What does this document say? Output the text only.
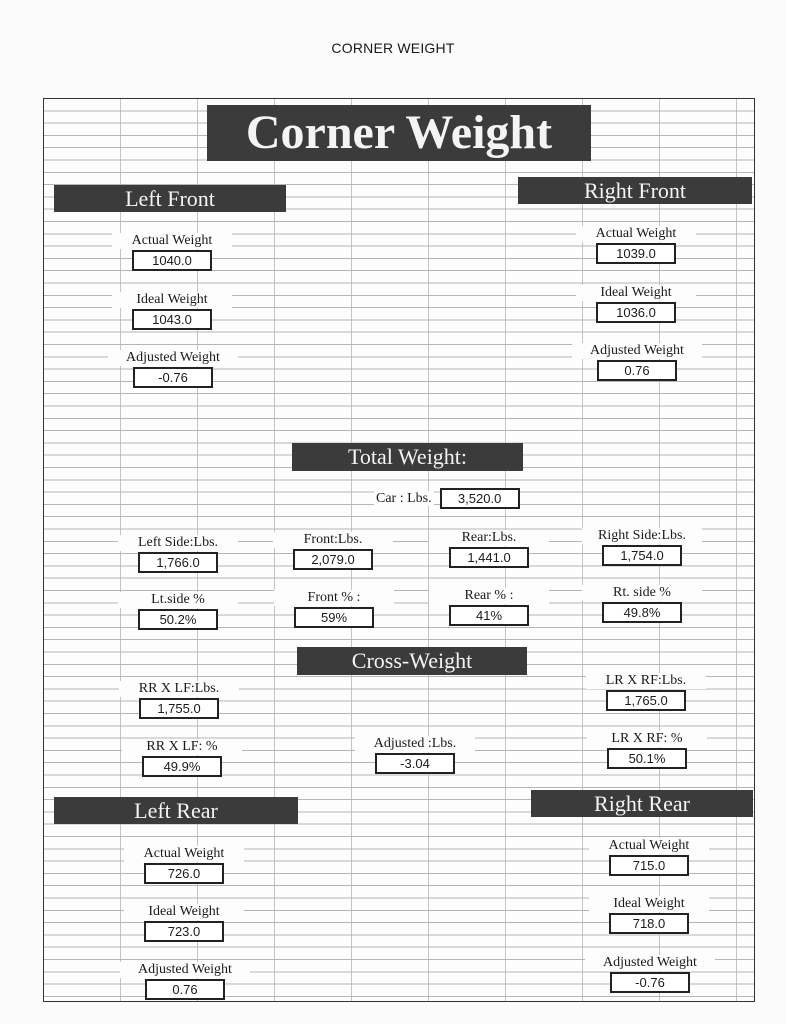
CORNER WEIGHT
Corner Weight
Left Front
Actual Weight
1040.0
Ideal Weight
1043.0
Adjusted Weight
-0.76
Right Front
Actual Weight
1039.0
Ideal Weight
1036.0
Adjusted Weight
0.76
Total Weight:
Car : Lbs. 3,520.0
Left Side:Lbs.
1,766.0
Front:Lbs.
2,079.0
Rear:Lbs.
1,441.0
Right Side:Lbs.
1,754.0
Lt.side %
50.2%
Front % :
59%
Rear % :
41%
Rt. side %
49.8%
Cross-Weight
RR X LF:Lbs.
1,755.0
LR X RF:Lbs.
1,765.0
RR X LF: %
49.9%
Adjusted :Lbs.
-3.04
LR X RF: %
50.1%
Left Rear
Actual Weight
726.0
Ideal Weight
723.0
Adjusted Weight
0.76
Right Rear
Actual Weight
715.0
Ideal Weight
718.0
Adjusted Weight
-0.76
